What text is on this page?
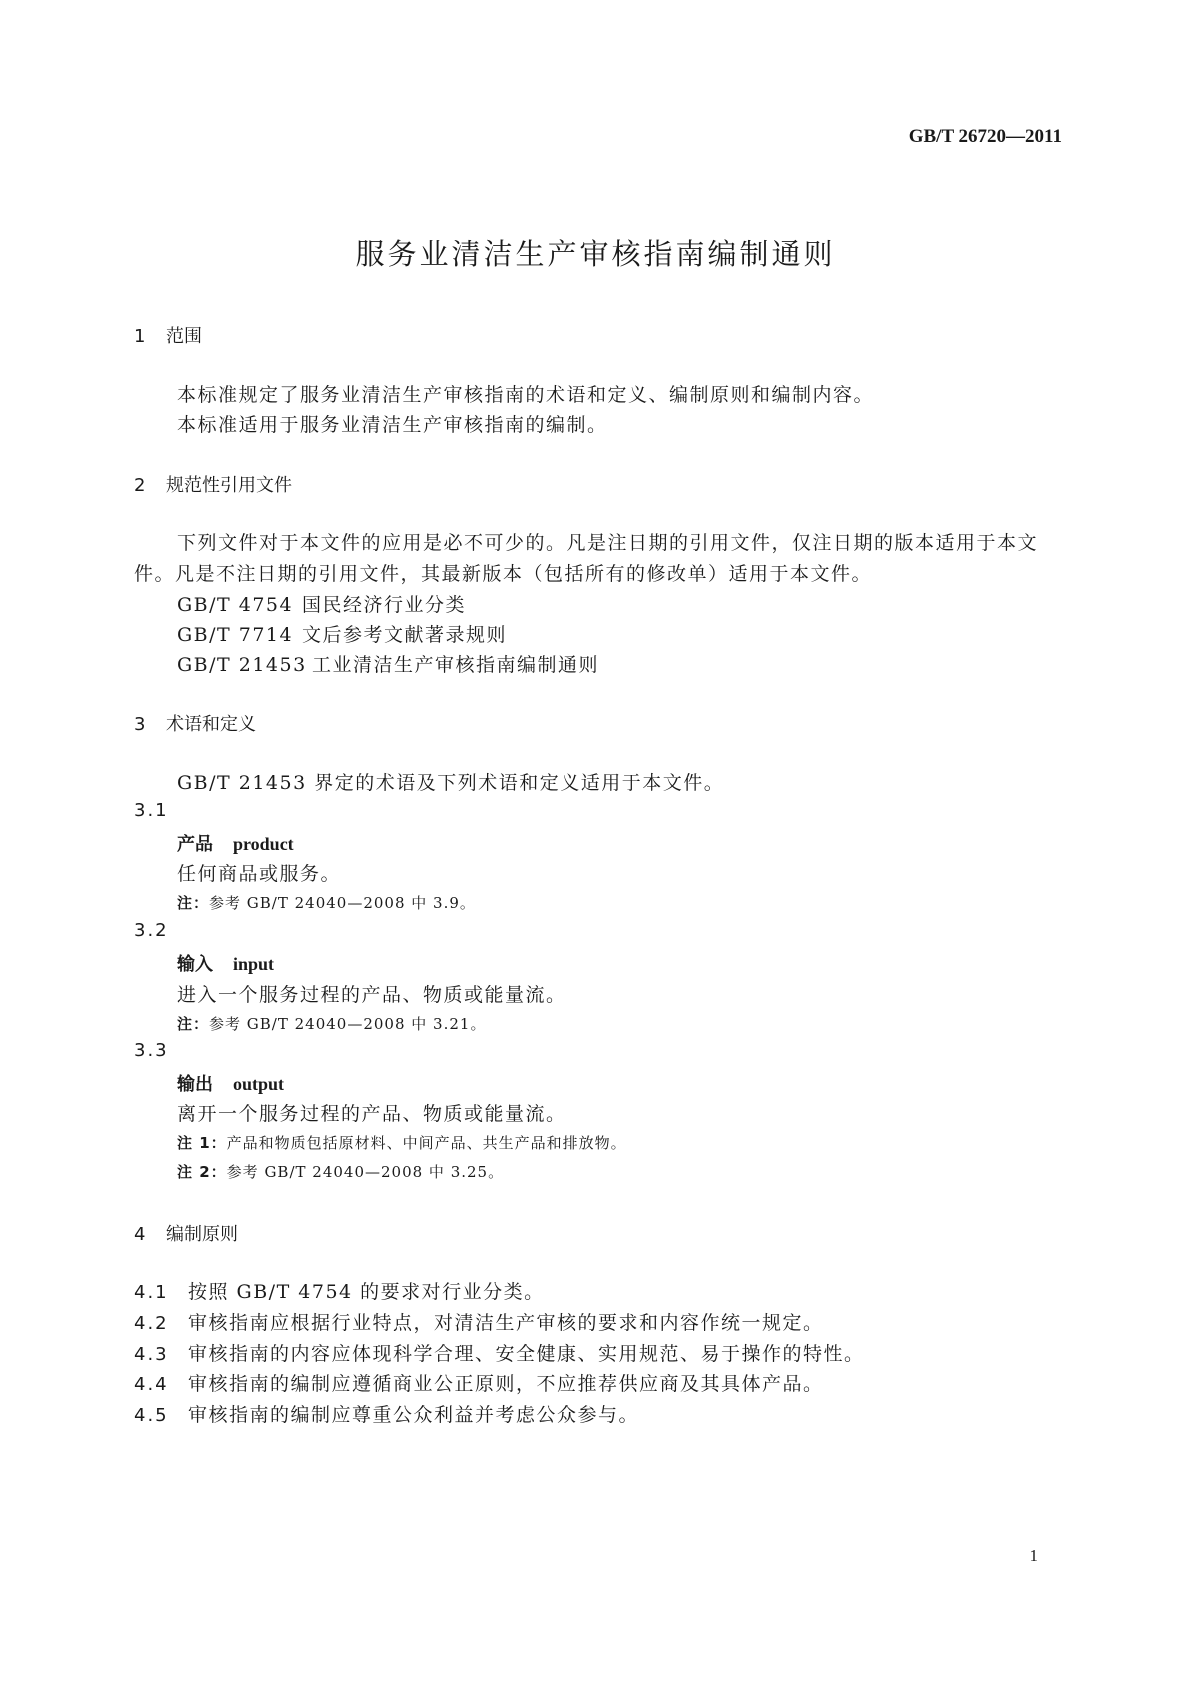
GB/T 26720—2011
服务业清洁生产审核指南编制通则
1 范围
本标准规定了服务业清洁生产审核指南的术语和定义、编制原则和编制内容。
本标准适用于服务业清洁生产审核指南的编制。
2 规范性引用文件
下列文件对于本文件的应用是必不可少的。凡是注日期的引用文件，仅注日期的版本适用于本文
件。凡是不注日期的引用文件，其最新版本（包括所有的修改单）适用于本文件。
GB/T 4754 国民经济行业分类
GB/T 7714 文后参考文献著录规则
GB/T 21453 工业清洁生产审核指南编制通则
3 术语和定义
GB/T 21453 界定的术语及下列术语和定义适用于本文件。
3.1
产品 product
任何商品或服务。
注：参考 GB/T 24040—2008 中 3.9。
3.2
输入 input
进入一个服务过程的产品、物质或能量流。
注：参考 GB/T 24040—2008 中 3.21。
3.3
输出 output
离开一个服务过程的产品、物质或能量流。
注 1：产品和物质包括原材料、中间产品、共生产品和排放物。
注 2：参考 GB/T 24040—2008 中 3.25。
4 编制原则
4.1 按照 GB/T 4754 的要求对行业分类。
4.2 审核指南应根据行业特点，对清洁生产审核的要求和内容作统一规定。
4.3 审核指南的内容应体现科学合理、安全健康、实用规范、易于操作的特性。
4.4 审核指南的编制应遵循商业公正原则，不应推荐供应商及其具体产品。
4.5 审核指南的编制应尊重公众利益并考虑公众参与。
1
